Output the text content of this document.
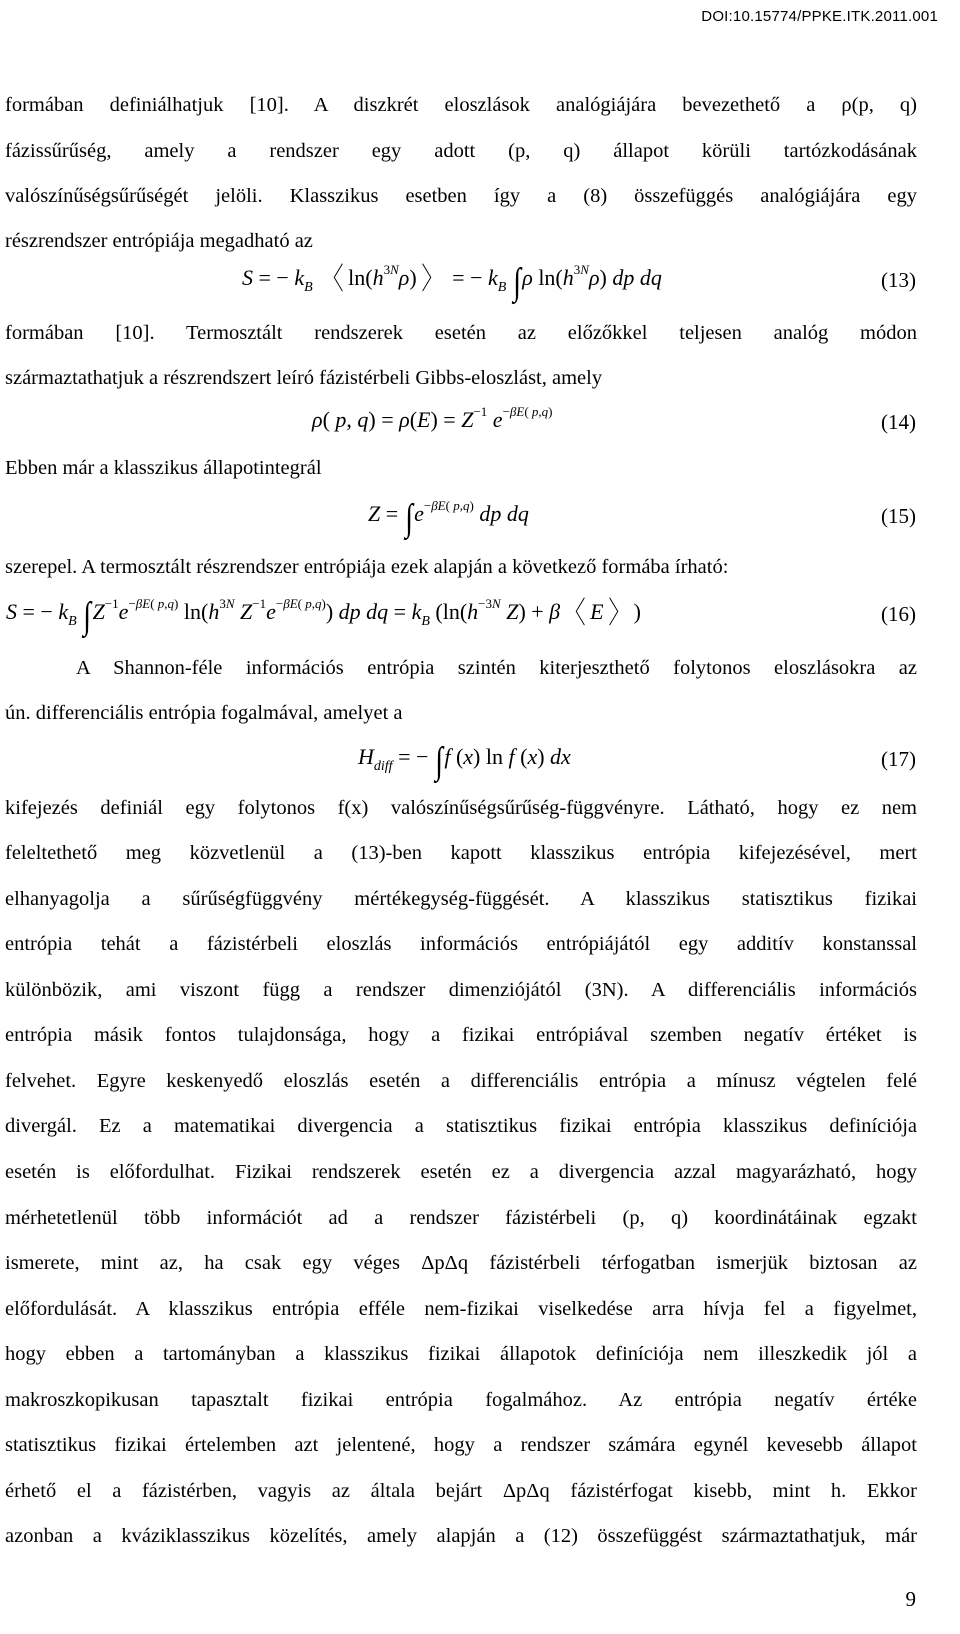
DOI:10.15774/PPKE.ITK.2011.001
formában definiálhatjuk [10]. A diszkrét eloszlások analógiájára bevezethető a ρ(p, q)
fázissűrűség, amely a rendszer egy adott (p, q) állapot körüli tartózkodásának
valószínűségsűrűségét jelöli. Klasszikus esetben így a (8) összefüggés analógiájára egy
részrendszer entrópiája megadható az
S = − $k_B$ 〈 $\ln(h^{3N}\rho)$ 〉 = − $k_B$ ∫ρ $\ln(h^{3N}\rho)$ dp dq	(13)
formában [10]. Termosztált rendszerek esetén az előzőkkel teljesen analóg módon
származtathatjuk a részrendszert leíró fázistérbeli Gibbs-eloszlást, amely
ρ( p, $q) = \rho(E) = Z^{-1}$ $e^{-\beta E( p,q)}$	(14)
Ebben már a klasszikus állapotintegrál
$Z = \int e^{-\beta E( p,q)}$ dp dq	(15)
szerepel. A termosztált részrendszer entrópiája ezek alapján a következő formába írható:
S = − $k_B$ $\int Z^{-1}e^{-\beta E( p,q)}$ $\ln(h^{3N}$ $Z^{-1}e^{-\beta E( p,q)}$) dp dq = $k_B$ ($\ln(h^{-3N}$ Z) + β 〈 E 〉 )	(16)
A Shannon-féle információs entrópia szintén kiterjeszthető folytonos eloszlásokra az
ún. differenciális entrópia fogalmával, amelyet a
$H_{diff}$ = − ∫f (x) ln f (x) dx	(17)
kifejezés definiál egy folytonos f(x) valószínűségsűrűség-függvényre. Látható, hogy ez nem
feleltethető meg közvetlenül a (13)-ben kapott klasszikus entrópia kifejezésével, mert
elhanyagolja a sűrűségfüggvény mértékegység-függését. A klasszikus statisztikus fizikai
entrópia tehát a fázistérbeli eloszlás információs entrópiájától egy additív konstanssal
különbözik, ami viszont függ a rendszer dimenziójától (3N). A differenciális információs
entrópia másik fontos tulajdonsága, hogy a fizikai entrópiával szemben negatív értéket is
felvehet. Egyre keskenyedő eloszlás esetén a differenciális entrópia a mínusz végtelen felé
divergál. Ez a matematikai divergencia a statisztikus fizikai entrópia klasszikus definíciója
esetén is előfordulhat. Fizikai rendszerek esetén ez a divergencia azzal magyarázható, hogy
mérhetetlenül több információt ad a rendszer fázistérbeli (p, q) koordinátáinak egzakt
ismerete, mint az, ha csak egy véges ΔpΔq fázistérbeli térfogatban ismerjük biztosan az
előfordulását. A klasszikus entrópia efféle nem-fizikai viselkedése arra hívja fel a figyelmet,
hogy ebben a tartományban a klasszikus fizikai állapotok definíciója nem illeszkedik jól a
makroszkopikusan tapasztalt fizikai entrópia fogalmához. Az entrópia negatív értéke
statisztikus fizikai értelemben azt jelentené, hogy a rendszer számára egynél kevesebb állapot
érhető el a fázistérben, vagyis az általa bejárt ΔpΔq fázistérfogat kisebb, mint h. Ekkor
azonban a kváziklasszikus közelítés, amely alapján a (12) összefüggést származtathatjuk, már
9
